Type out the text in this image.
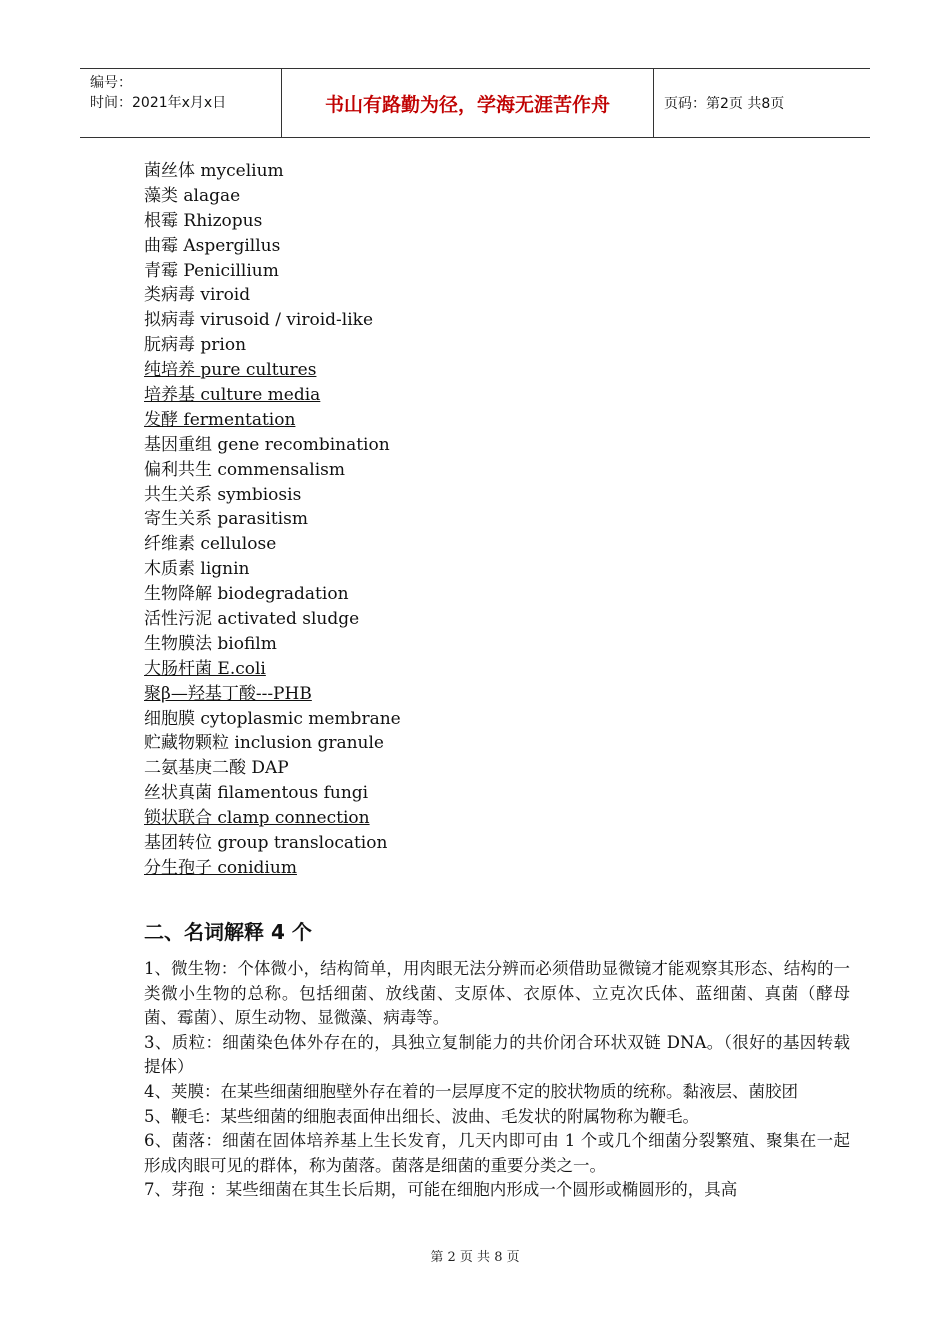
编号：
时间：2021年x月x日	书山有路勤为径，学海无涯苦作舟	页码：第2页 共8页
菌丝体 mycelium
藻类 alagae
根霉 Rhizopus
曲霉 Aspergillus
青霉 Penicillium
类病毒 viroid
拟病毒 virusoid / viroid-like
朊病毒 prion
纯培养 pure cultures
培养基 culture media
发酵 fermentation
基因重组 gene recombination
偏利共生 commensalism
共生关系 symbiosis
寄生关系 parasitism
纤维素 cellulose
木质素 lignin
生物降解 biodegradation
活性污泥 activated sludge
生物膜法 biofilm
大肠杆菌 E.coli
聚β—羟基丁酸---PHB
细胞膜 cytoplasmic membrane
贮藏物颗粒 inclusion granule
二氨基庚二酸 DAP
丝状真菌 filamentous fungi
锁状联合 clamp connection
基团转位 group translocation
分生孢子 conidium
二、名词解释 4 个

1、微生物：个体微小，结构简单，用肉眼无法分辨而必须借助显微镜才能观察其形态、结构的一类微小生物的总称。包括细菌、放线菌、支原体、衣原体、立克次氏体、蓝细菌、真菌（酵母菌、霉菌）、原生动物、显微藻、病毒等。

3、质粒：细菌染色体外存在的，具独立复制能力的共价闭合环状双链 DNA。（很好的基因转载提体）

4、荚膜：在某些细菌细胞壁外存在着的一层厚度不定的胶状物质的统称。黏液层、菌胶团

5、鞭毛：某些细菌的细胞表面伸出细长、波曲、毛发状的附属物称为鞭毛。

6、菌落：细菌在固体培养基上生长发育，几天内即可由 1 个或几个细菌分裂繁殖、聚集在一起形成肉眼可见的群体，称为菌落。菌落是细菌的重要分类之一。

7、芽孢 ：某些细菌在其生长后期，可能在细胞内形成一个圆形或椭圆形的，具高

第 2 页 共 8 页
